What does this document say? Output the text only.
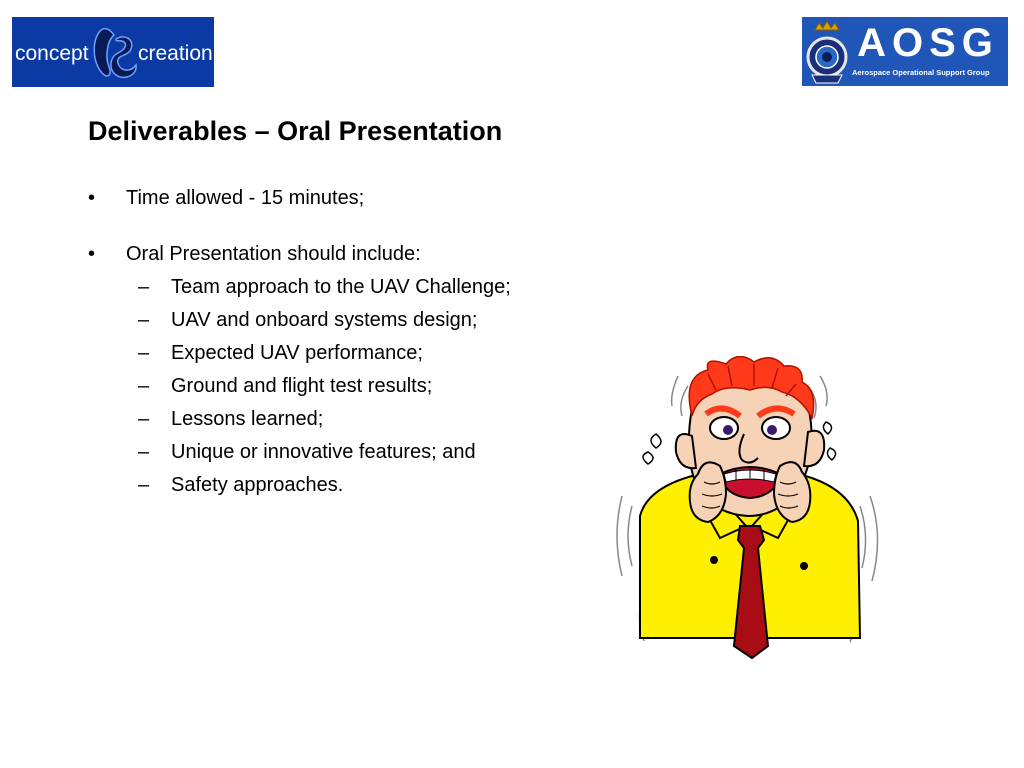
concept creation	AOSG
Aerospace Operational Support Group
Deliverables – Oral Presentation
• Time allowed - 15 minutes;
• Oral Presentation should include:
– Team approach to the UAV Challenge;
– UAV and onboard systems design;
– Expected UAV performance;
– Ground and flight test results;
– Lessons learned;
– Unique or innovative features; and
– Safety approaches.
